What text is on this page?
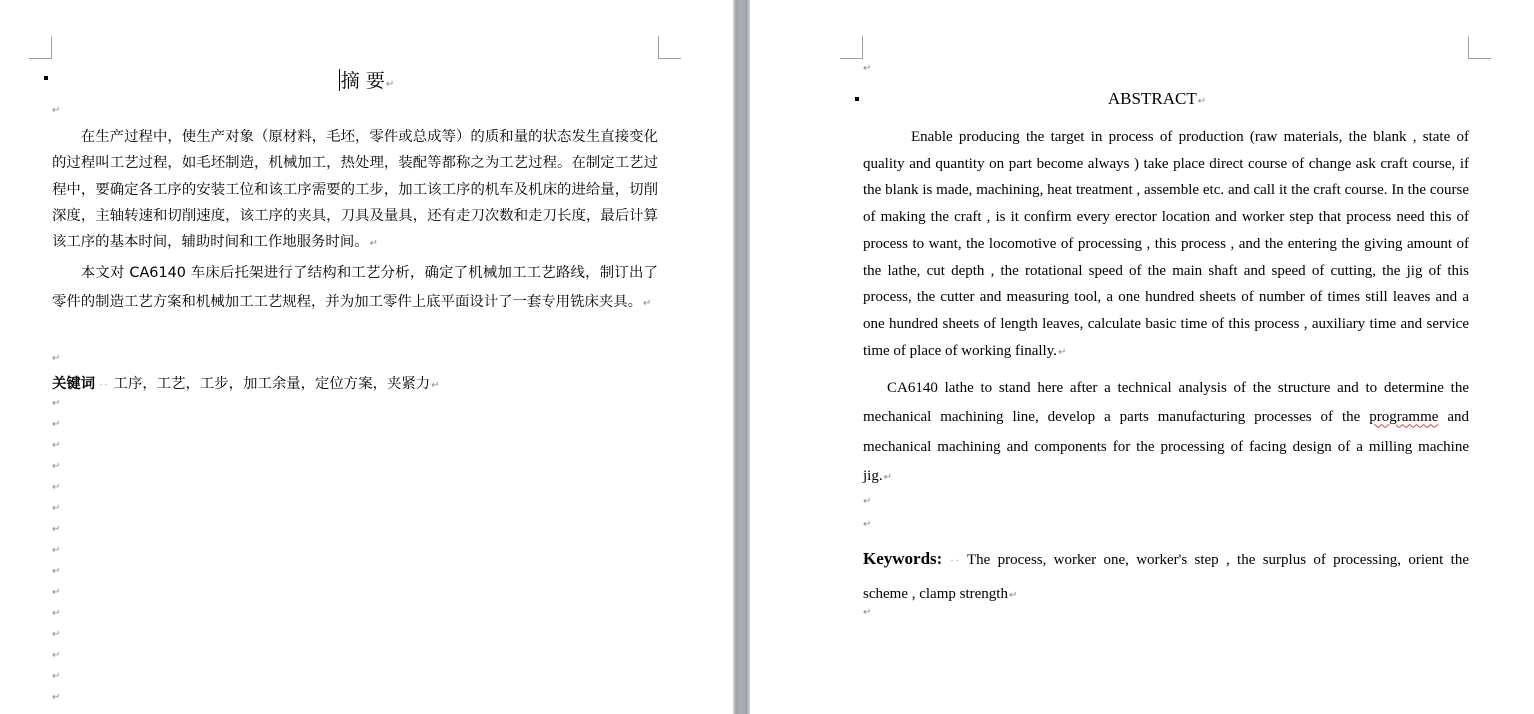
摘 要↵
↵
在生产过程中，使生产对象（原材料，毛坯，零件或总成等）的质和量的状态发生直接变化的过程叫工艺过程，如毛坯制造，机械加工，热处理，装配等都称之为工艺过程。在制定工艺过程中，要确定各工序的安装工位和该工序需要的工步，加工该工序的机车及机床的进给量，切削深度，主轴转速和切削速度，该工序的夹具，刀具及量具，还有走刀次数和走刀长度，最后计算该工序的基本时间，辅助时间和工作地服务时间。↵
本文对 CA6140 车床后托架进行了结构和工艺分析，确定了机械加工工艺路线，制订出了零件的制造工艺方案和机械加工工艺规程，并为加工零件上底平面设计了一套专用铣床夹具。↵
↵
关键词 ·· 工序，工艺，工步，加工余量，定位方案，夹紧力↵
↵
↵
↵
↵
↵
↵
↵
↵
↵
↵
↵
↵
↵
↵
↵
↵
ABSTRACT↵
Enable producing the target in process of production (raw materials, the blank , state of quality and quantity on part become always ) take place direct course of change ask craft course, if the blank is made, machining, heat treatment , assemble etc. and call it the craft course. In the course of making the craft , is it confirm every erector location and worker step that process need this of process to want, the locomotive of processing , this process , and the entering the giving amount of the lathe, cut depth , the rotational speed of the main shaft and speed of cutting, the jig of this process, the cutter and measuring tool, a one hundred sheets of number of times still leaves and a one hundred sheets of length leaves, calculate basic time of this process , auxiliary time and service time of place of working finally.↵
CA6140 lathe to stand here after a technical analysis of the structure and to determine the mechanical machining line, develop a parts manufacturing processes of the programme and mechanical machining and components for the processing of facing design of a milling machine jig.↵
↵
↵
Keywords: ·· The process, worker one, worker's step , the surplus of processing, orient the scheme , clamp strength↵
↵
